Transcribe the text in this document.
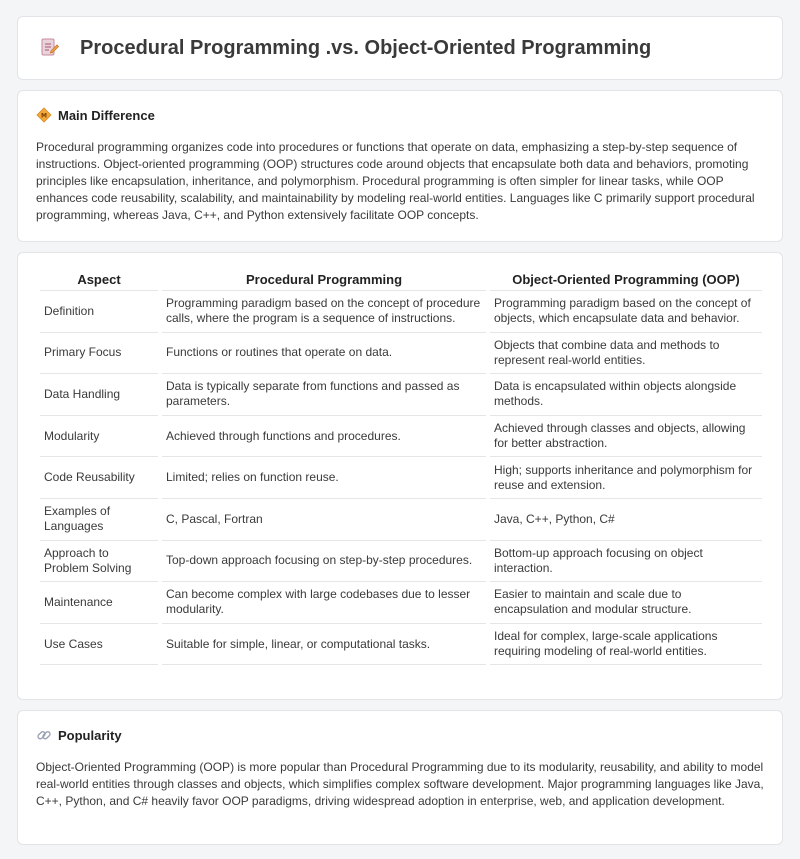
Procedural Programming .vs. Object-Oriented Programming
M Main Difference

Procedural programming organizes code into procedures or functions that operate on data, emphasizing a step-by-step sequence of instructions. Object-oriented programming (OOP) structures code around objects that encapsulate both data and behaviors, promoting principles like encapsulation, inheritance, and polymorphism. Procedural programming is often simpler for linear tasks, while OOP enhances code reusability, scalability, and maintainability by modeling real-world entities. Languages like C primarily support procedural programming, whereas Java, C++, and Python extensively facilitate OOP concepts.

Aspect	Procedural Programming	Object-Oriented Programming (OOP)
Definition	Programming paradigm based on the concept of procedure calls, where the program is a sequence of instructions.	Programming paradigm based on the concept of objects, which encapsulate data and behavior.
Primary Focus	Functions or routines that operate on data.	Objects that combine data and methods to represent real-world entities.
Data Handling	Data is typically separate from functions and passed as parameters.	Data is encapsulated within objects alongside methods.
Modularity	Achieved through functions and procedures.	Achieved through classes and objects, allowing for better abstraction.
Code Reusability	Limited; relies on function reuse.	High; supports inheritance and polymorphism for reuse and extension.
Examples of Languages	C, Pascal, Fortran	Java, C++, Python, C#
Approach to Problem Solving	Top-down approach focusing on step-by-step procedures.	Bottom-up approach focusing on object interaction.
Maintenance	Can become complex with large codebases due to lesser modularity.	Easier to maintain and scale due to encapsulation and modular structure.
Use Cases	Suitable for simple, linear, or computational tasks.	Ideal for complex, large-scale applications requiring modeling of real-world entities.
Popularity

Object-Oriented Programming (OOP) is more popular than Procedural Programming due to its modularity, reusability, and ability to model real-world entities through classes and objects, which simplifies complex software development. Major programming languages like Java, C++, Python, and C# heavily favor OOP paradigms, driving widespread adoption in enterprise, web, and application development.
